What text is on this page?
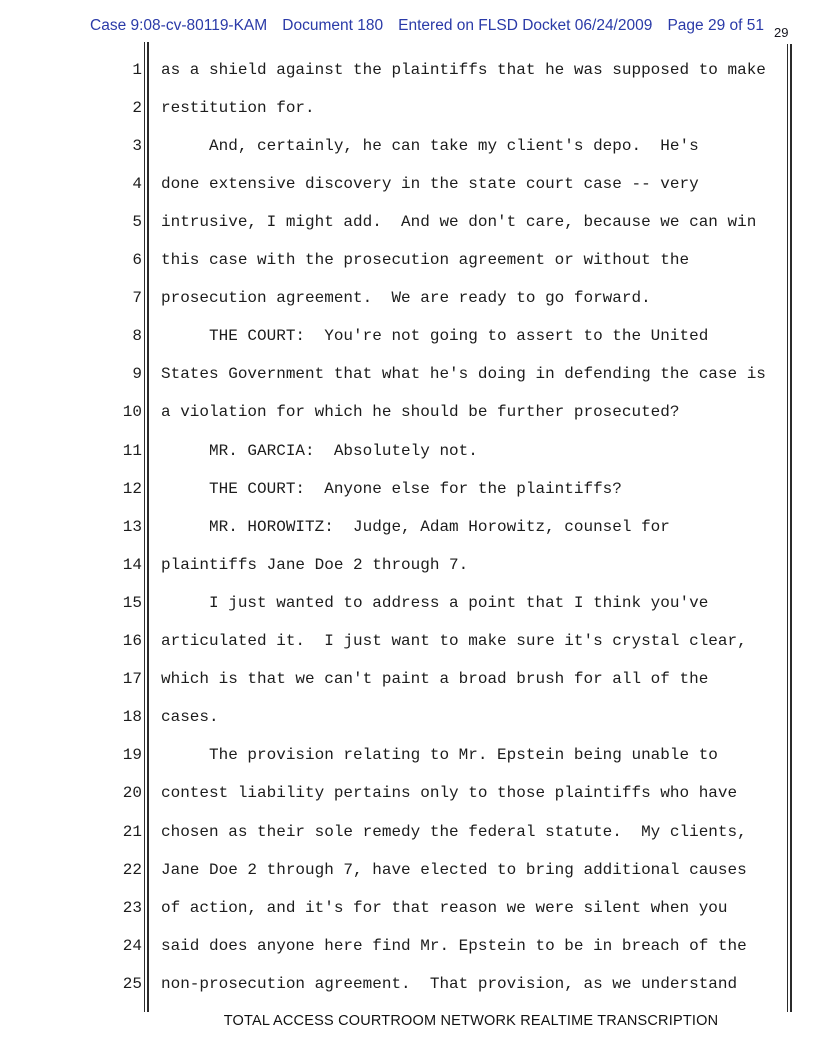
Case 9:08-cv-80119-KAM Document 180 Entered on FLSD Docket 06/24/2009 Page 29 of 51 29
1 as a shield against the plaintiffs that he was supposed to make
2 restitution for.
3 And, certainly, he can take my client's depo.  He's
4 done extensive discovery in the state court case -- very
5 intrusive, I might add.  And we don't care, because we can win
6 this case with the prosecution agreement or without the
7 prosecution agreement.  We are ready to go forward.
8 THE COURT:  You're not going to assert to the United
9 States Government that what he's doing in defending the case is
10 a violation for which he should be further prosecuted?
11 MR. GARCIA:  Absolutely not.
12 THE COURT:  Anyone else for the plaintiffs?
13 MR. HOROWITZ:  Judge, Adam Horowitz, counsel for
14 plaintiffs Jane Doe 2 through 7.
15 I just wanted to address a point that I think you've
16 articulated it.  I just want to make sure it's crystal clear,
17 which is that we can't paint a broad brush for all of the
18 cases.
19 The provision relating to Mr. Epstein being unable to
20 contest liability pertains only to those plaintiffs who have
21 chosen as their sole remedy the federal statute.  My clients,
22 Jane Doe 2 through 7, have elected to bring additional causes
23 of action, and it's for that reason we were silent when you
24 said does anyone here find Mr. Epstein to be in breach of the
25 non-prosecution agreement.  That provision, as we understand
TOTAL ACCESS COURTROOM NETWORK REALTIME TRANSCRIPTION
